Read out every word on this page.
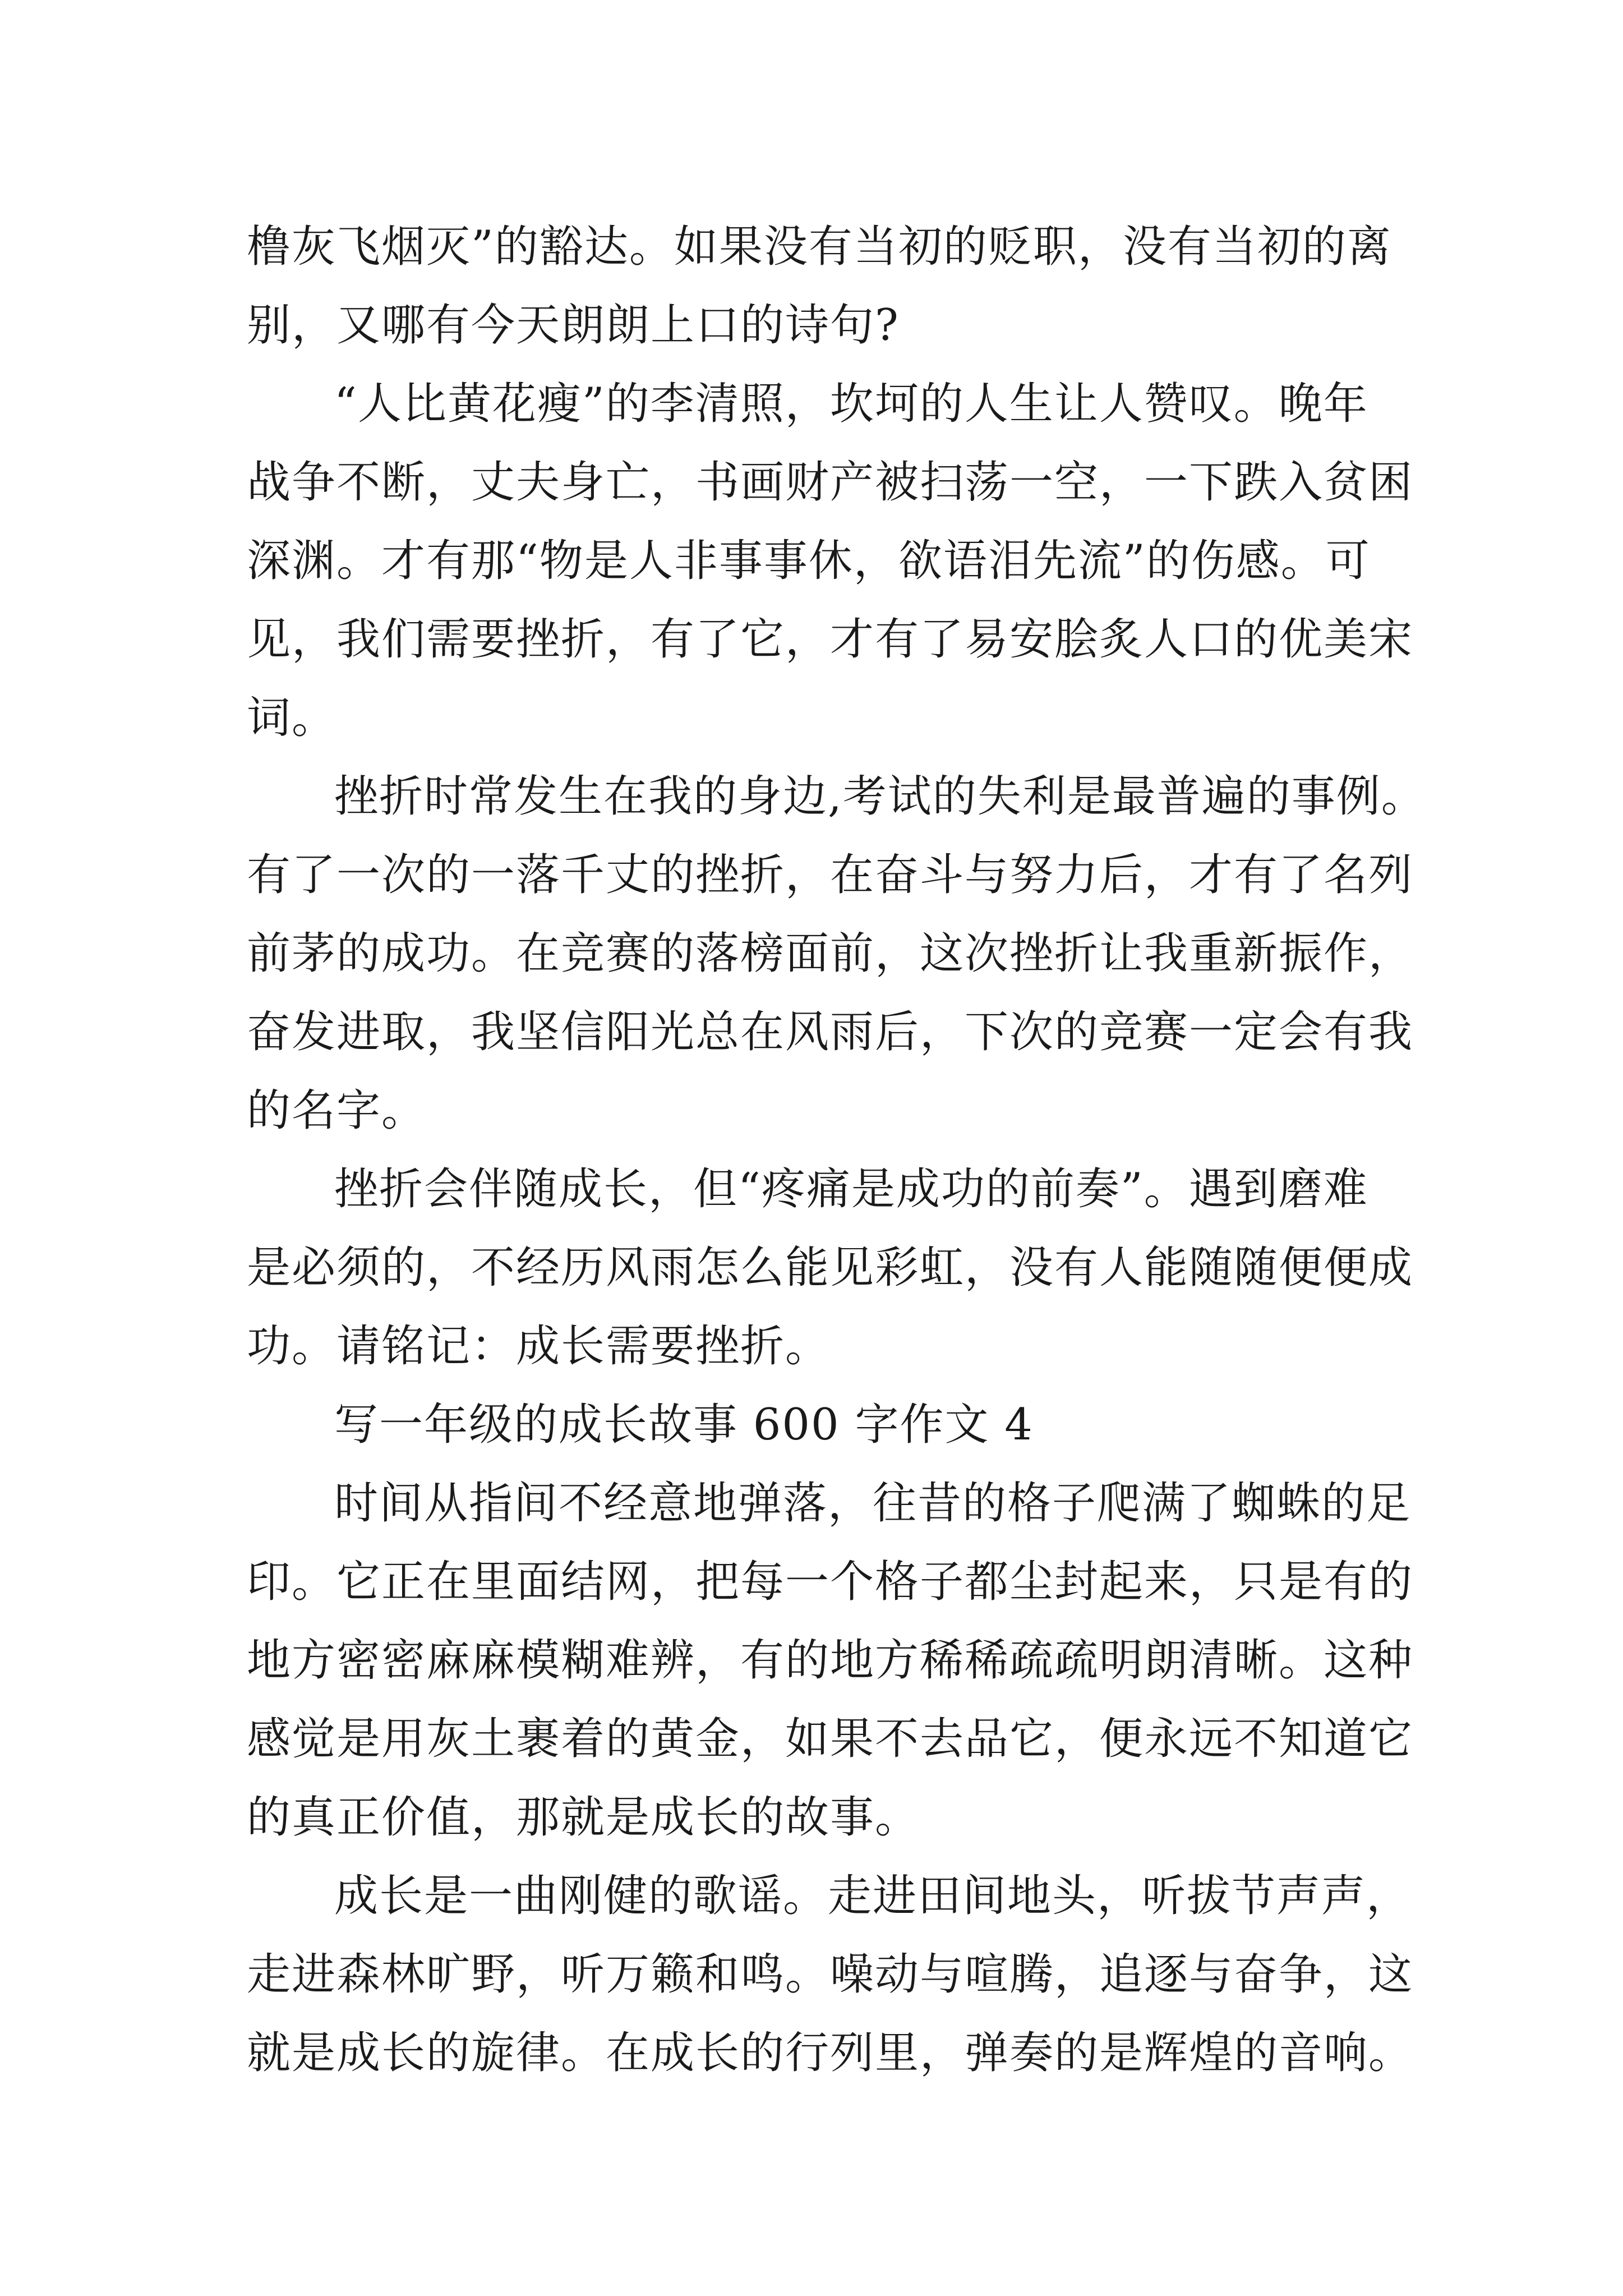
橹灰飞烟灭”的豁达。如果没有当初的贬职，没有当初的离
别，又哪有今天朗朗上口的诗句?
“人比黄花瘦”的李清照，坎坷的人生让人赞叹。晚年
战争不断，丈夫身亡，书画财产被扫荡一空，一下跌入贫困
深渊。才有那“物是人非事事休，欲语泪先流”的伤感。可
见，我们需要挫折，有了它，才有了易安脍炙人口的优美宋
词。
挫折时常发生在我的身边,考试的失利是最普遍的事例。
有了一次的一落千丈的挫折，在奋斗与努力后，才有了名列
前茅的成功。在竞赛的落榜面前，这次挫折让我重新振作，
奋发进取，我坚信阳光总在风雨后，下次的竞赛一定会有我
的名字。
挫折会伴随成长，但“疼痛是成功的前奏”。遇到磨难
是必须的，不经历风雨怎么能见彩虹，没有人能随随便便成
功。请铭记：成长需要挫折。
写一年级的成长故事 600 字作文 4
时间从指间不经意地弹落，往昔的格子爬满了蜘蛛的足
印。它正在里面结网，把每一个格子都尘封起来，只是有的
地方密密麻麻模糊难辨，有的地方稀稀疏疏明朗清晰。这种
感觉是用灰土裹着的黄金，如果不去品它，便永远不知道它
的真正价值，那就是成长的故事。
成长是一曲刚健的歌谣。走进田间地头，听拔节声声，
走进森林旷野，听万籁和鸣。噪动与喧腾，追逐与奋争，这
就是成长的旋律。在成长的行列里，弹奏的是辉煌的音响。
